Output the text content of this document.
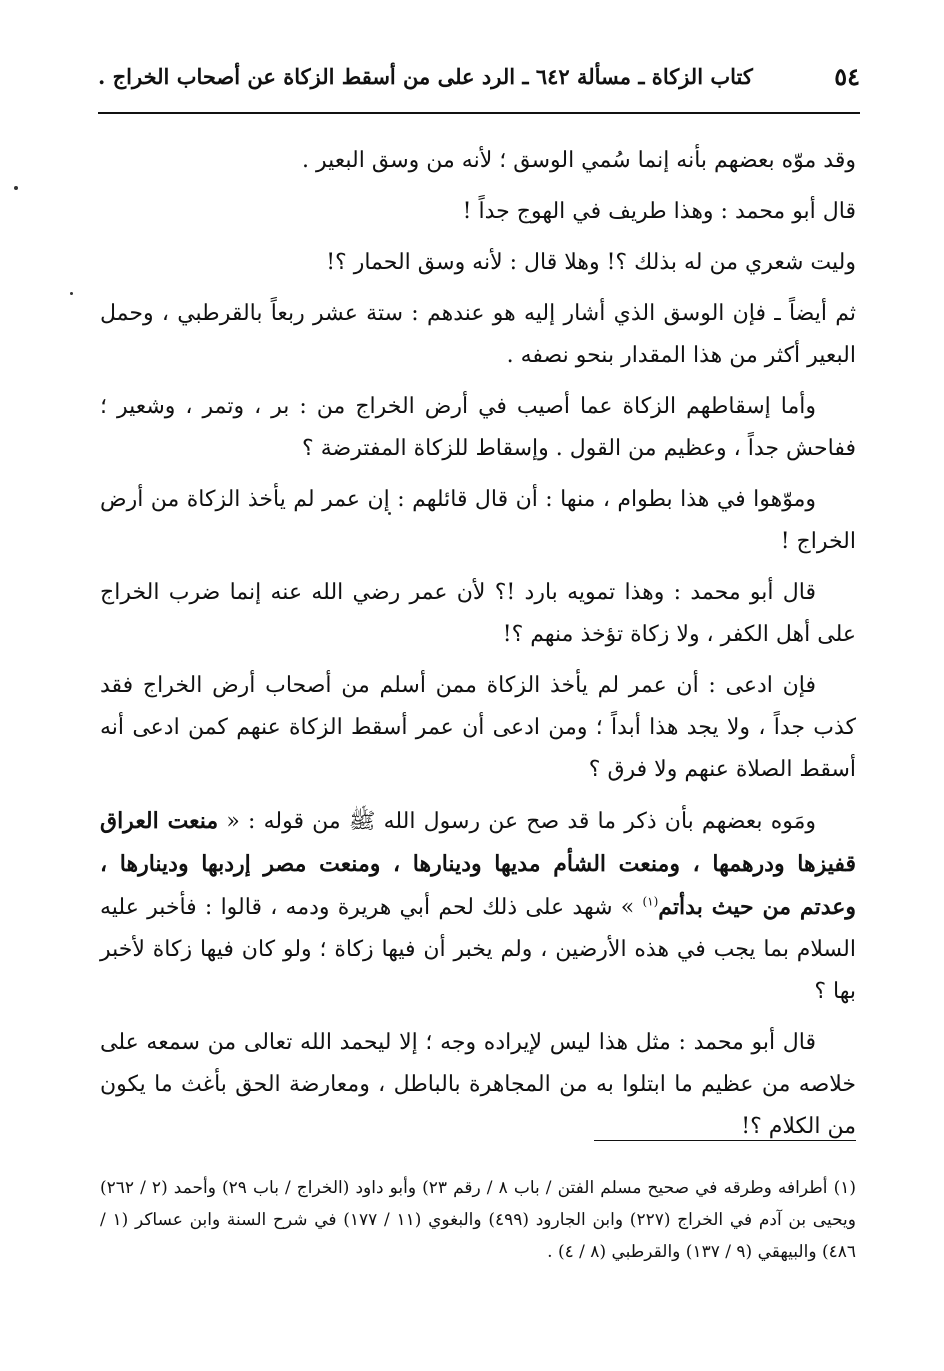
٥٤
كتاب الزكاة ـ مسألة ٦٤٢ ـ الرد على من أسقط الزكاة عن أصحاب الخراج .

وقد موّه بعضهم بأنه إنما سُمي الوسق ؛ لأنه من وسق البعير .

قال أبو محمد : وهذا طريف في الهوج جداً !

وليت شعري من له بذلك ؟! وهلا قال : لأنه وسق الحمار ؟!

ثم أيضاً ـ فإن الوسق الذي أشار إليه هو عندهم : ستة عشر ربعاً بالقرطبي ، وحمل البعير أكثر من هذا المقدار بنحو نصفه .

وأما إسقاطهم الزكاة عما أصيب في أرض الخراج من : بر ، وتمر ، وشعير ؛ ففاحش جداً ، وعظيم من القول . وإسقاط للزكاة المفترضة ؟

وموّهوا في هذا بطوام ، منها : أن قال قائلهم : إن عمر لم يأخذ الزكاة من أرض الخراج !

قال أبو محمد : وهذا تمويه بارد !؟ لأن عمر رضي الله عنه إنما ضرب الخراج على أهل الكفر ، ولا زكاة تؤخذ منهم ؟!

فإن ادعى : أن عمر لم يأخذ الزكاة ممن أسلم من أصحاب أرض الخراج فقد كذب جداً ، ولا يجد هذا أبداً ؛ ومن ادعى أن عمر أسقط الزكاة عنهم كمن ادعى أنه أسقط الصلاة عنهم ولا فرق ؟

ومَوه بعضهم بأن ذكر ما قد صح عن رسول الله ﷺ من قوله : « منعت العراق قفيزها ودرهمها ، ومنعت الشأم مديها ودينارها ، ومنعت مصر إردبها ودينارها ، وعدتم من حيث بدأتم$^{(١)}$ » شهد على ذلك لحم أبي هريرة ودمه ، قالوا : فأخبر عليه السلام بما يجب في هذه الأرضين ، ولم يخبر أن فيها زكاة ؛ ولو كان فيها زكاة لأخبر بها ؟

قال أبو محمد : مثل هذا ليس لإيراده وجه ؛ إلا ليحمد الله تعالى من سمعه على خلاصه من عظيم ما ابتلوا به من المجاهرة بالباطل ، ومعارضة الحق بأغث ما يكون من الكلام ؟!

(١) أطرافه وطرقه في صحيح مسلم الفتن / باب ٨ / رقم ٢٣) وأبو داود (الخراج / باب ٢٩) وأحمد (٢ / ٢٦٢) ويحيى بن آدم في الخراج (٢٢٧) وابن الجارود (٤٩٩) والبغوي (١١ / ١٧٧) في شرح السنة وابن عساكر (١ / ٤٨٦) والبيهقي (٩ / ١٣٧) والقرطبي (٨ / ٤) .
